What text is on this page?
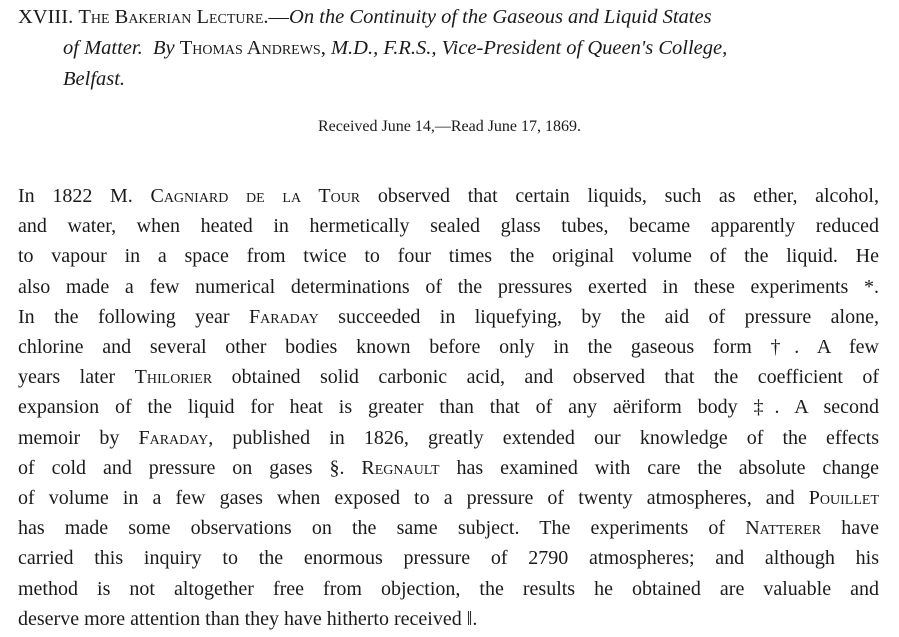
XVIII. The Bakerian Lecture.—On the Continuity of the Gaseous and Liquid States
of Matter. By Thomas Andrews, M.D., F.R.S., Vice-President of Queen's College,
Belfast.
Received June 14,—Read June 17, 1869.
In 1822 M. Cagniard de la Tour observed that certain liquids, such as ether, alcohol,
and water, when heated in hermetically sealed glass tubes, became apparently reduced
to vapour in a space from twice to four times the original volume of the liquid. He
also made a few numerical determinations of the pressures exerted in these experiments *.
In the following year Faraday succeeded in liquefying, by the aid of pressure alone,
chlorine and several other bodies known before only in the gaseous form †. A few
years later Thilorier obtained solid carbonic acid, and observed that the coefficient of
expansion of the liquid for heat is greater than that of any aëriform body ‡. A second
memoir by Faraday, published in 1826, greatly extended our knowledge of the effects
of cold and pressure on gases §. Regnault has examined with care the absolute change
of volume in a few gases when exposed to a pressure of twenty atmospheres, and Pouillet
has made some observations on the same subject. The experiments of Natterer have
carried this inquiry to the enormous pressure of 2790 atmospheres; and although his
method is not altogether free from objection, the results he obtained are valuable and
deserve more attention than they have hitherto received ‖.
